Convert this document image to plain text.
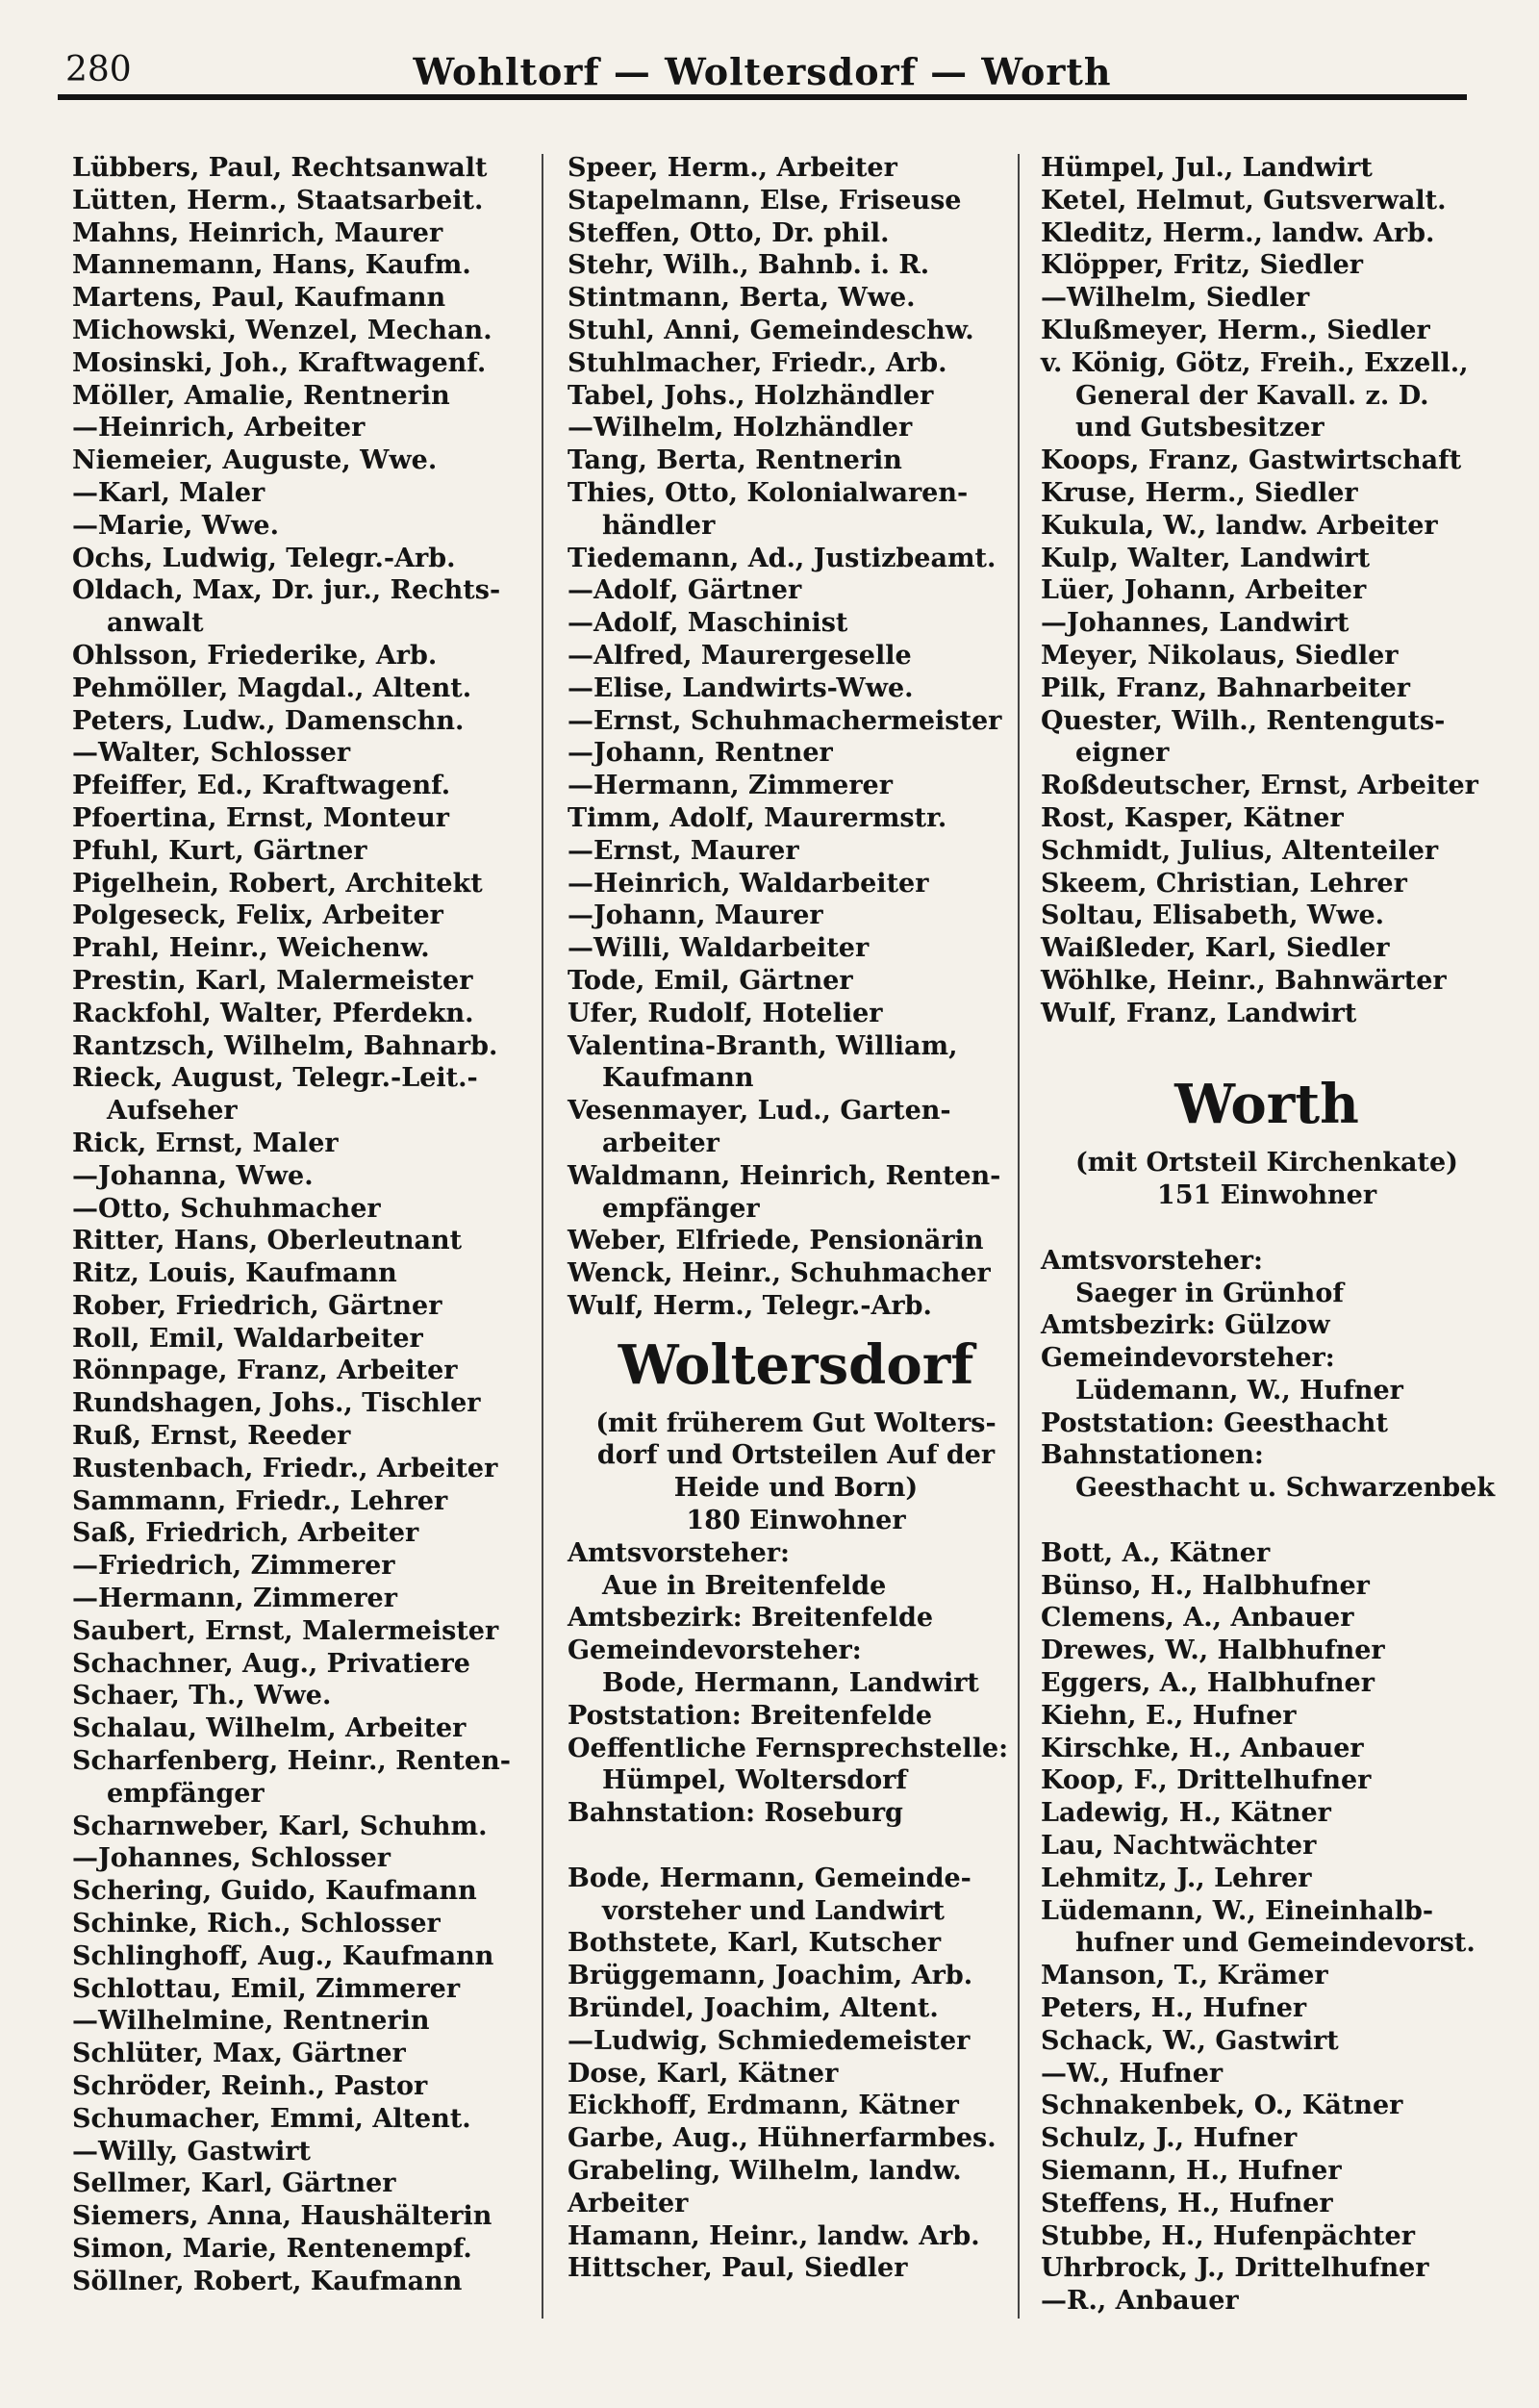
280	Wohltorf — Woltersdorf — Worth
Lübbers, Paul, Rechtsanwalt
Lütten, Herm., Staatsarbeit.
Mahns, Heinrich, Maurer
Mannemann, Hans, Kaufm.
Martens, Paul, Kaufmann
Michowski, Wenzel, Mechan.
Mosinski, Joh., Kraftwagenf.
Möller, Amalie, Rentnerin
—Heinrich, Arbeiter
Niemeier, Auguste, Wwe.
—Karl, Maler
—Marie, Wwe.
Ochs, Ludwig, Telegr.-Arb.
Oldach, Max, Dr. jur., Rechts-
anwalt
Ohlsson, Friederike, Arb.
Pehmöller, Magdal., Altent.
Peters, Ludw., Damenschn.
—Walter, Schlosser
Pfeiffer, Ed., Kraftwagenf.
Pfoertina, Ernst, Monteur
Pfuhl, Kurt, Gärtner
Pigelhein, Robert, Architekt
Polgeseck, Felix, Arbeiter
Prahl, Heinr., Weichenw.
Prestin, Karl, Malermeister
Rackfohl, Walter, Pferdekn.
Rantzsch, Wilhelm, Bahnarb.
Rieck, August, Telegr.-Leit.-
Aufseher
Rick, Ernst, Maler
—Johanna, Wwe.
—Otto, Schuhmacher
Ritter, Hans, Oberleutnant
Ritz, Louis, Kaufmann
Rober, Friedrich, Gärtner
Roll, Emil, Waldarbeiter
Rönnpage, Franz, Arbeiter
Rundshagen, Johs., Tischler
Ruß, Ernst, Reeder
Rustenbach, Friedr., Arbeiter
Sammann, Friedr., Lehrer
Saß, Friedrich, Arbeiter
—Friedrich, Zimmerer
—Hermann, Zimmerer
Saubert, Ernst, Malermeister
Schachner, Aug., Privatiere
Schaer, Th., Wwe.
Schalau, Wilhelm, Arbeiter
Scharfenberg, Heinr., Renten-
empfänger
Scharnweber, Karl, Schuhm.
—Johannes, Schlosser
Schering, Guido, Kaufmann
Schinke, Rich., Schlosser
Schlinghoff, Aug., Kaufmann
Schlottau, Emil, Zimmerer
—Wilhelmine, Rentnerin
Schlüter, Max, Gärtner
Schröder, Reinh., Pastor
Schumacher, Emmi, Altent.
—Willy, Gastwirt
Sellmer, Karl, Gärtner
Siemers, Anna, Haushälterin
Simon, Marie, Rentenempf.
Söllner, Robert, Kaufmann
Speer, Herm., Arbeiter
Stapelmann, Else, Friseuse
Steffen, Otto, Dr. phil.
Stehr, Wilh., Bahnb. i. R.
Stintmann, Berta, Wwe.
Stuhl, Anni, Gemeindeschw.
Stuhlmacher, Friedr., Arb.
Tabel, Johs., Holzhändler
—Wilhelm, Holzhändler
Tang, Berta, Rentnerin
Thies, Otto, Kolonialwaren-
händler
Tiedemann, Ad., Justizbeamt.
—Adolf, Gärtner
—Adolf, Maschinist
—Alfred, Maurergeselle
—Elise, Landwirts-Wwe.
—Ernst, Schuhmachermeister
—Johann, Rentner
—Hermann, Zimmerer
Timm, Adolf, Maurermstr.
—Ernst, Maurer
—Heinrich, Waldarbeiter
—Johann, Maurer
—Willi, Waldarbeiter
Tode, Emil, Gärtner
Ufer, Rudolf, Hotelier
Valentina-Branth, William,
Kaufmann
Vesenmayer, Lud., Garten-
arbeiter
Waldmann, Heinrich, Renten-
empfänger
Weber, Elfriede, Pensionärin
Wenck, Heinr., Schuhmacher
Wulf, Herm., Telegr.-Arb.
Woltersdorf
(mit früherem Gut Wolters-
dorf und Ortsteilen Auf der
Heide und Born)
180 Einwohner
Amtsvorsteher:
Aue in Breitenfelde
Amtsbezirk: Breitenfelde
Gemeindevorsteher:
Bode, Hermann, Landwirt
Poststation: Breitenfelde
Oeffentliche Fernsprechstelle:
Hümpel, Woltersdorf
Bahnstation: Roseburg
Bode, Hermann, Gemeinde-
vorsteher und Landwirt
Bothstete, Karl, Kutscher
Brüggemann, Joachim, Arb.
Bründel, Joachim, Altent.
—Ludwig, Schmiedemeister
Dose, Karl, Kätner
Eickhoff, Erdmann, Kätner
Garbe, Aug., Hühnerfarmbes.
Grabeling, Wilhelm, landw.
Arbeiter
Hamann, Heinr., landw. Arb.
Hittscher, Paul, Siedler
Hümpel, Jul., Landwirt
Ketel, Helmut, Gutsverwalt.
Kleditz, Herm., landw. Arb.
Klöpper, Fritz, Siedler
—Wilhelm, Siedler
Klußmeyer, Herm., Siedler
v. König, Götz, Freih., Exzell.,
General der Kavall. z. D.
und Gutsbesitzer
Koops, Franz, Gastwirtschaft
Kruse, Herm., Siedler
Kukula, W., landw. Arbeiter
Kulp, Walter, Landwirt
Lüer, Johann, Arbeiter
—Johannes, Landwirt
Meyer, Nikolaus, Siedler
Pilk, Franz, Bahnarbeiter
Quester, Wilh., Rentenguts-
eigner
Roßdeutscher, Ernst, Arbeiter
Rost, Kasper, Kätner
Schmidt, Julius, Altenteiler
Skeem, Christian, Lehrer
Soltau, Elisabeth, Wwe.
Waißleder, Karl, Siedler
Wöhlke, Heinr., Bahnwärter
Wulf, Franz, Landwirt
Worth
(mit Ortsteil Kirchenkate)
151 Einwohner
Amtsvorsteher:
Saeger in Grünhof
Amtsbezirk: Gülzow
Gemeindevorsteher:
Lüdemann, W., Hufner
Poststation: Geesthacht
Bahnstationen:
Geesthacht u. Schwarzenbek
Bott, A., Kätner
Bünso, H., Halbhufner
Clemens, A., Anbauer
Drewes, W., Halbhufner
Eggers, A., Halbhufner
Kiehn, E., Hufner
Kirschke, H., Anbauer
Koop, F., Drittelhufner
Ladewig, H., Kätner
Lau, Nachtwächter
Lehmitz, J., Lehrer
Lüdemann, W., Eineinhalb-
hufner und Gemeindevorst.
Manson, T., Krämer
Peters, H., Hufner
Schack, W., Gastwirt
—W., Hufner
Schnakenbek, O., Kätner
Schulz, J., Hufner
Siemann, H., Hufner
Steffens, H., Hufner
Stubbe, H., Hufenpächter
Uhrbrock, J., Drittelhufner
—R., Anbauer
